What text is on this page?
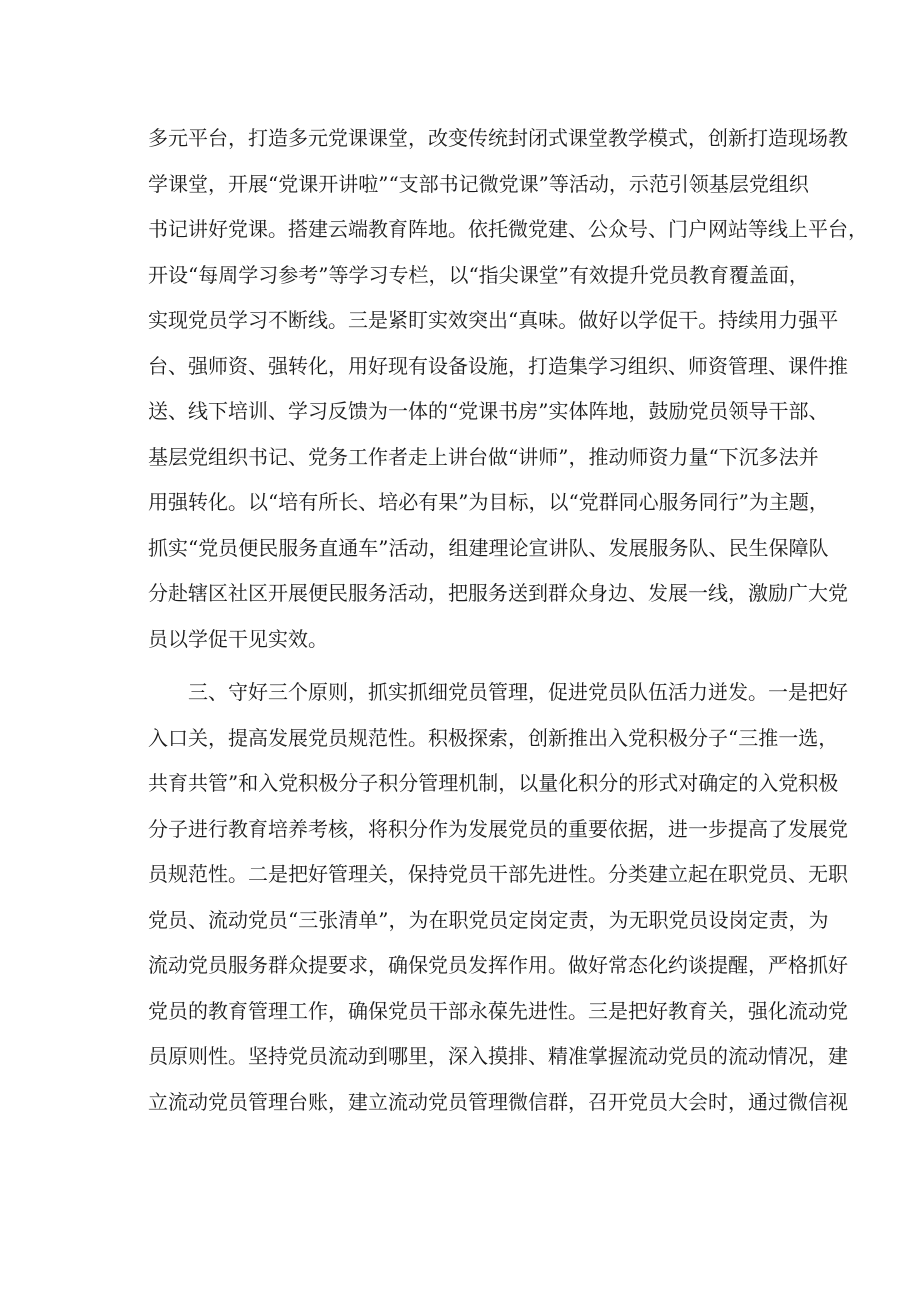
多元平台，打造多元党课课堂，改变传统封闭式课堂教学模式，创新打造现场教
学课堂，开展“党课开讲啦”“支部书记微党课”等活动，示范引领基层党组织
书记讲好党课。搭建云端教育阵地。依托微党建、公众号、门户网站等线上平台，
开设“每周学习参考”等学习专栏，以“指尖课堂”有效提升党员教育覆盖面，
实现党员学习不断线。三是紧盯实效突出“真味。做好以学促干。持续用力强平
台、强师资、强转化，用好现有设备设施，打造集学习组织、师资管理、课件推
送、线下培训、学习反馈为一体的“党课书房”实体阵地，鼓励党员领导干部、
基层党组织书记、党务工作者走上讲台做“讲师”，推动师资力量“下沉多法并
用强转化。以“培有所长、培必有果”为目标，以“党群同心服务同行”为主题，
抓实“党员便民服务直通车”活动，组建理论宣讲队、发展服务队、民生保障队
分赴辖区社区开展便民服务活动，把服务送到群众身边、发展一线，激励广大党
员以学促干见实效。
　　三、守好三个原则，抓实抓细党员管理，促进党员队伍活力迸发。一是把好
入口关，提高发展党员规范性。积极探索，创新推出入党积极分子“三推一选，
共育共管”和入党积极分子积分管理机制，以量化积分的形式对确定的入党积极
分子进行教育培养考核，将积分作为发展党员的重要依据，进一步提高了发展党
员规范性。二是把好管理关，保持党员干部先进性。分类建立起在职党员、无职
党员、流动党员“三张清单”，为在职党员定岗定责，为无职党员设岗定责，为
流动党员服务群众提要求，确保党员发挥作用。做好常态化约谈提醒，严格抓好
党员的教育管理工作，确保党员干部永葆先进性。三是把好教育关，强化流动党
员原则性。坚持党员流动到哪里，深入摸排、精准掌握流动党员的流动情况，建
立流动党员管理台账，建立流动党员管理微信群，召开党员大会时，通过微信视
